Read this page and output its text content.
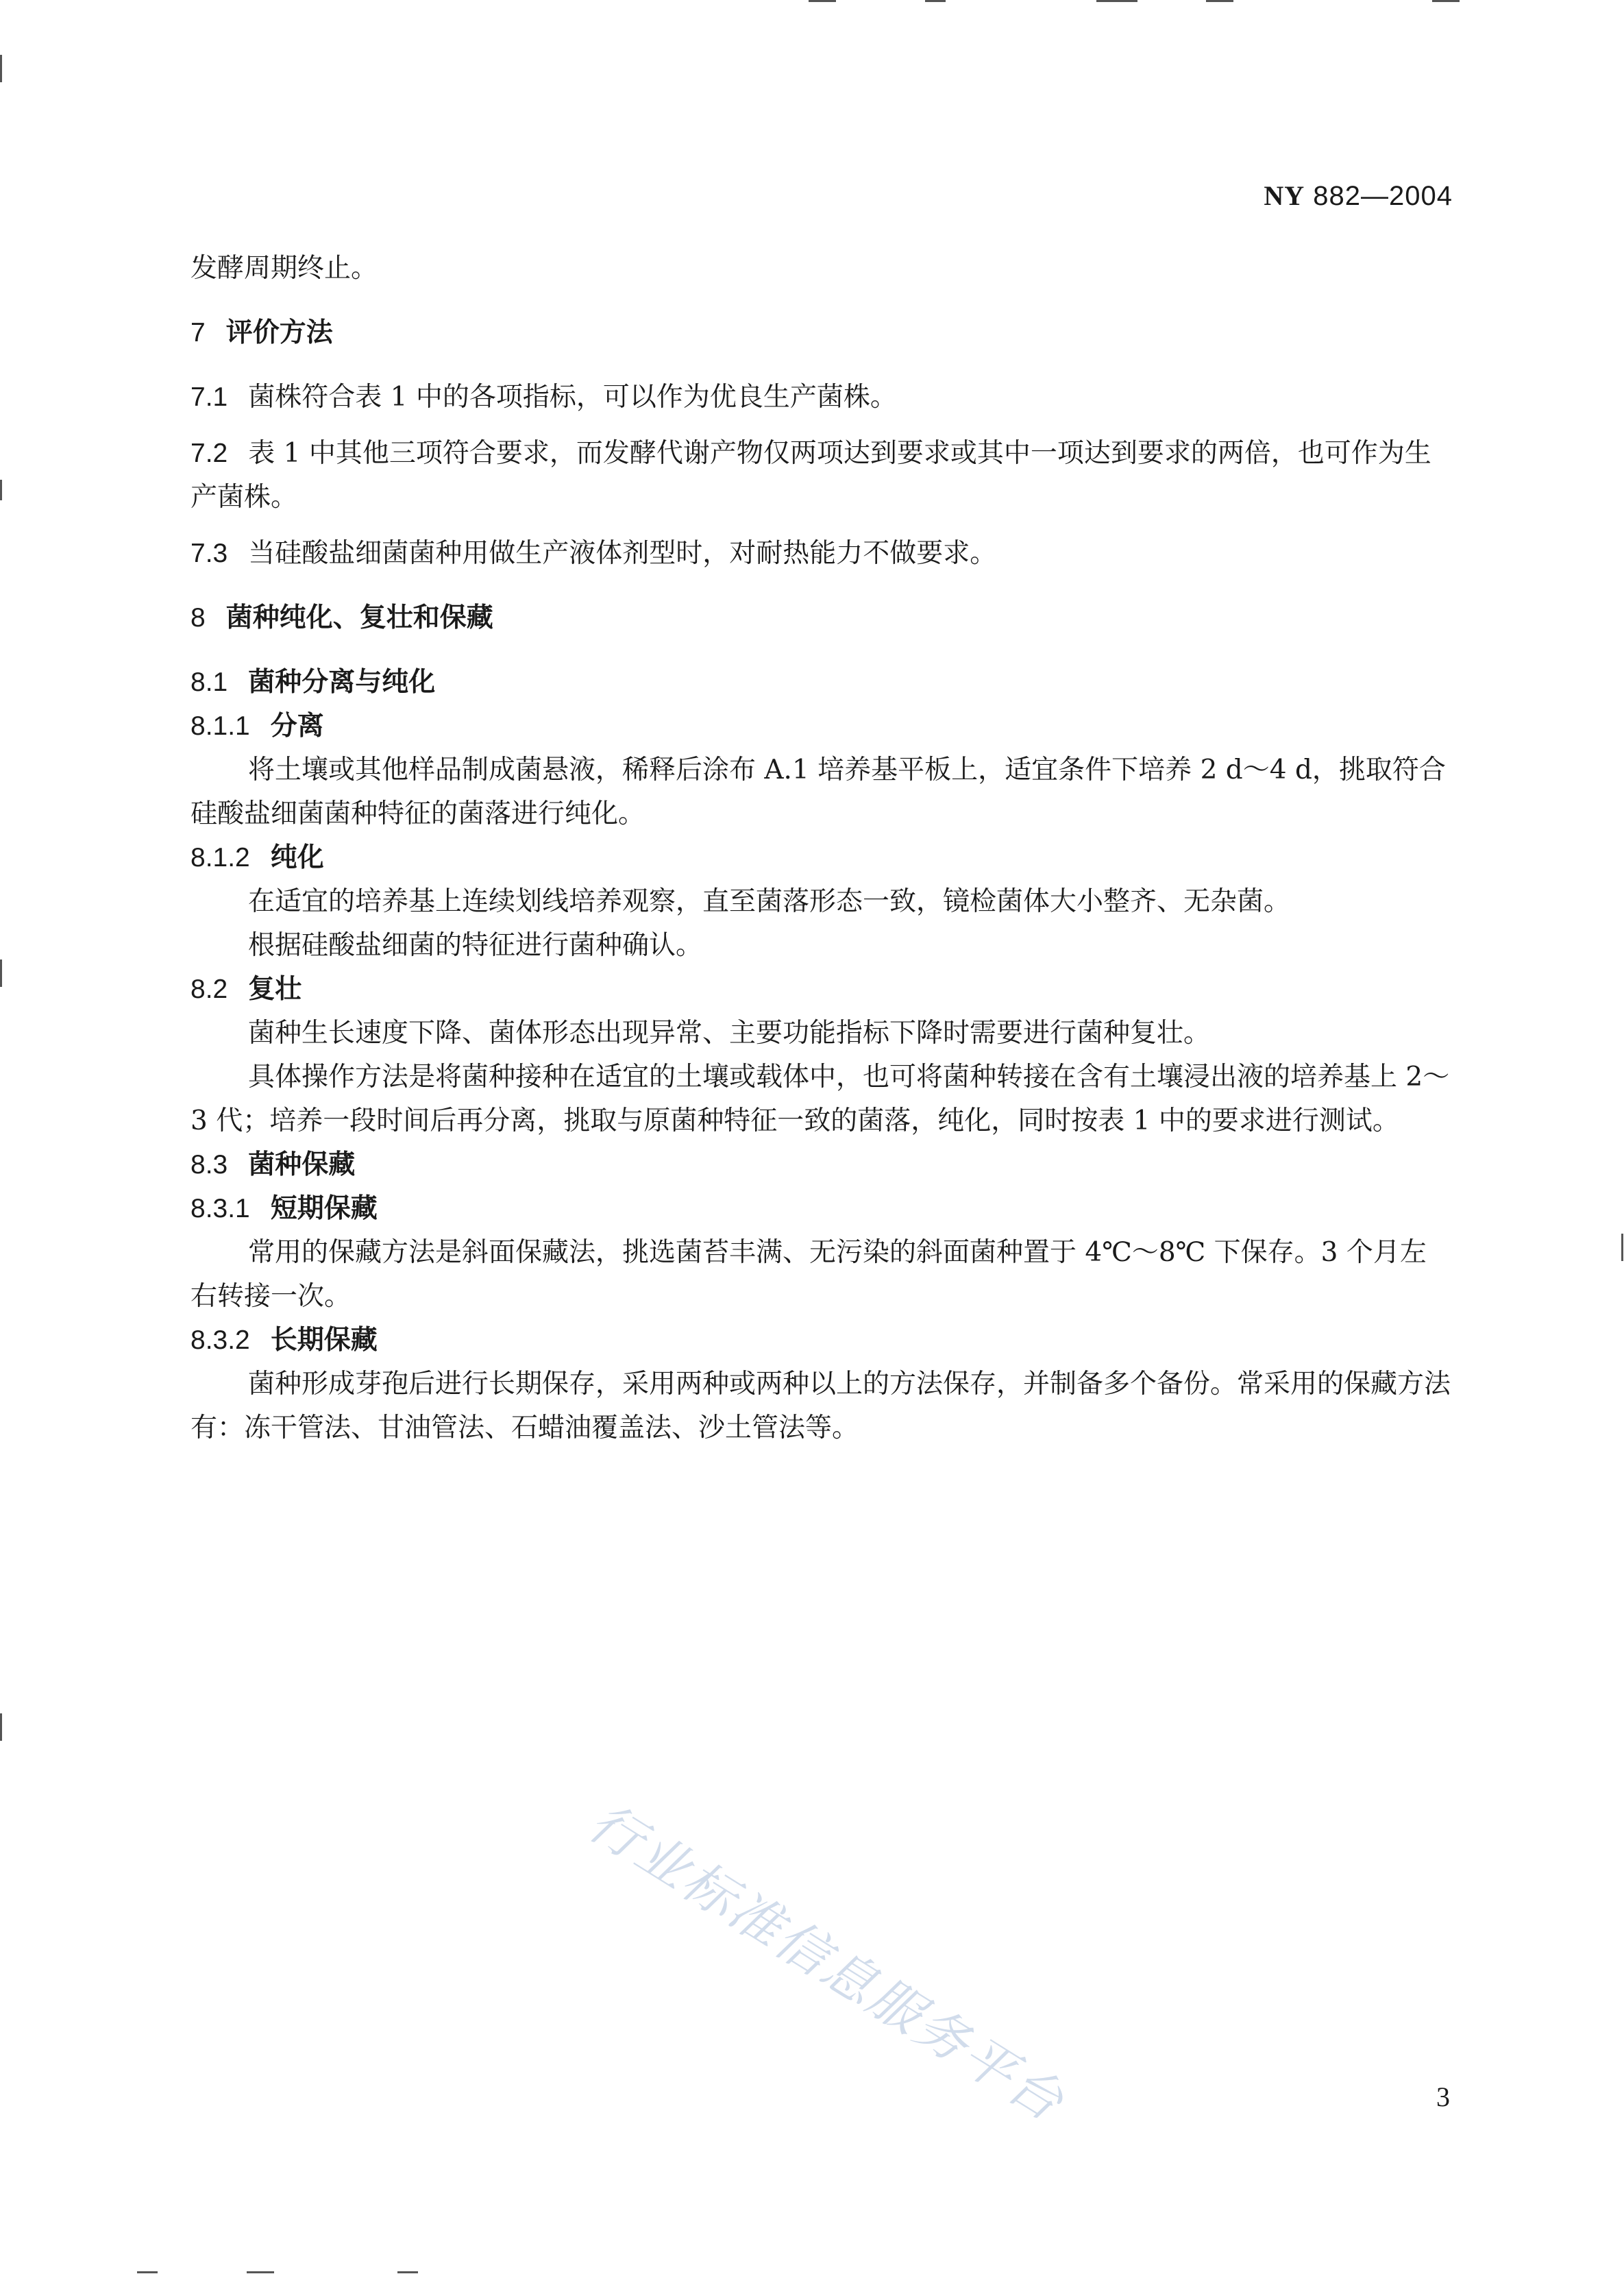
NY 882—2004

发酵周期终止。

7 评价方法

7.1 菌株符合表 1 中的各项指标，可以作为优良生产菌株。

7.2 表 1 中其他三项符合要求，而发酵代谢产物仅两项达到要求或其中一项达到要求的两倍，也可作为生产菌株。

7.3 当硅酸盐细菌菌种用做生产液体剂型时，对耐热能力不做要求。

8 菌种纯化、复壮和保藏
8.1 菌种分离与纯化
8.1.1 分离

将土壤或其他样品制成菌悬液，稀释后涂布 A.1 培养基平板上，适宜条件下培养 2 d～4 d，挑取符合硅酸盐细菌菌种特征的菌落进行纯化。

8.1.2 纯化

在适宜的培养基上连续划线培养观察，直至菌落形态一致，镜检菌体大小整齐、无杂菌。

根据硅酸盐细菌的特征进行菌种确认。

8.2 复壮

菌种生长速度下降、菌体形态出现异常、主要功能指标下降时需要进行菌种复壮。

具体操作方法是将菌种接种在适宜的土壤或载体中，也可将菌种转接在含有土壤浸出液的培养基上 2～3 代；培养一段时间后再分离，挑取与原菌种特征一致的菌落，纯化，同时按表 1 中的要求进行测试。

8.3 菌种保藏
8.3.1 短期保藏

常用的保藏方法是斜面保藏法，挑选菌苔丰满、无污染的斜面菌种置于 4℃～8℃ 下保存。3 个月左右转接一次。

8.3.2 长期保藏

菌种形成芽孢后进行长期保存，采用两种或两种以上的方法保存，并制备多个备份。常采用的保藏方法有：冻干管法、甘油管法、石蜡油覆盖法、沙土管法等。

行业标准信息服务平台	3
